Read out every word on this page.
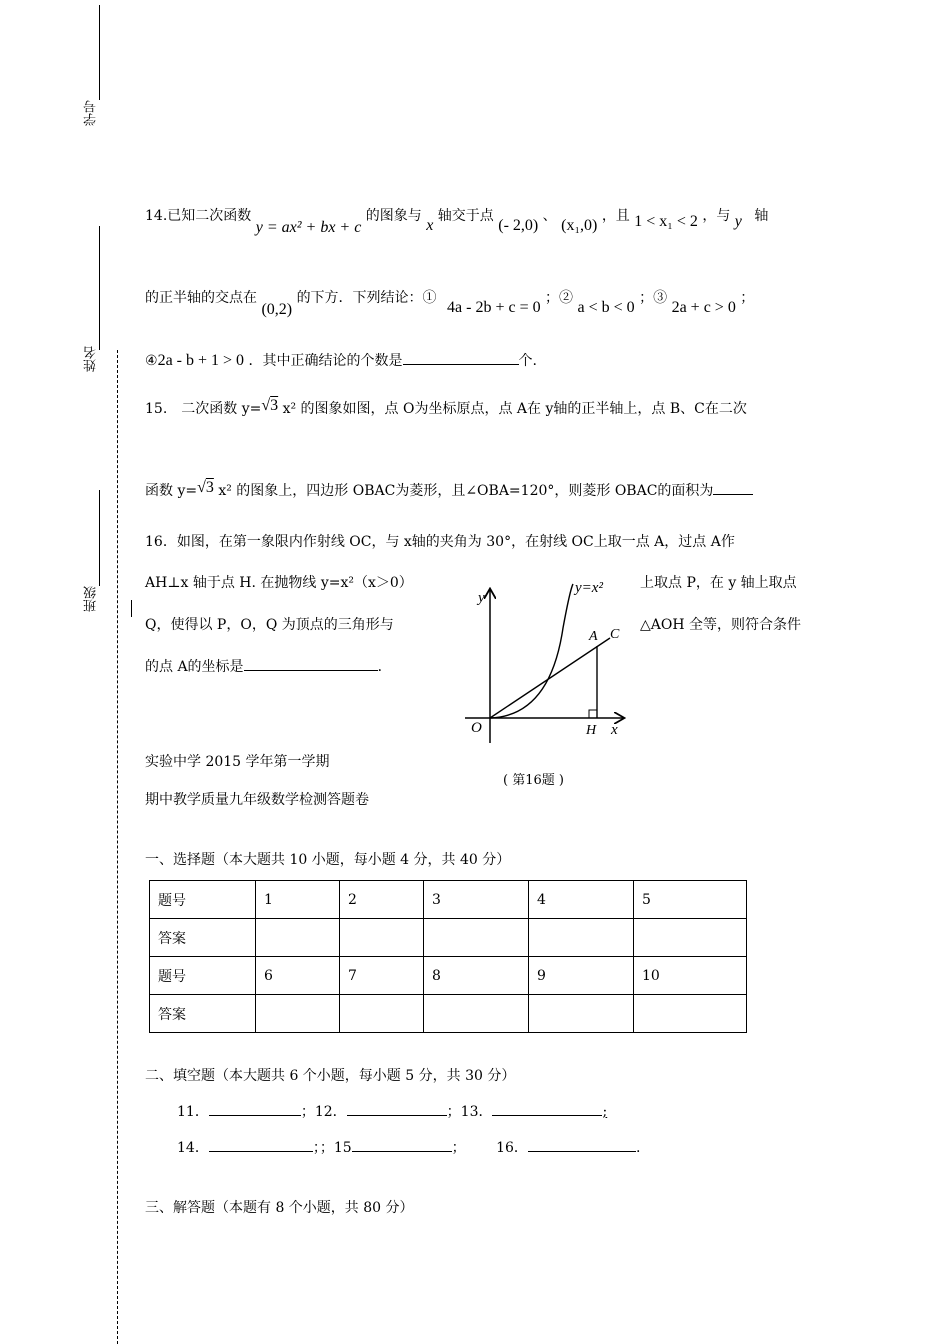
学号
姓名
班级
14.已知二次函数 y = ax² + bx + c 的图象与 x 轴交于点 (- 2,0) 、 (x₁,0) ，且 1 < x₁ < 2 ，与 y 轴
的正半轴的交点在 (0,2) 的下方．下列结论：① 4a - 2b + c = 0 ；② a < b < 0 ；③ 2a + c > 0 ；
④2a - b + 1 > 0 ．其中正确结论的个数是	个.
15.　二次函数 y=√3 x² 的图象如图，点 O为坐标原点，点 A在 y轴的正半轴上，点 B、C在二次
函数 y=√3 x² 的图象上，四边形 OBAC为菱形，且∠OBA=120°，则菱形 OBAC的面积为
16．如图，在第一象限内作射线 OC，与 x轴的夹角为 30°，在射线 OC上取一点 A，过点 A作
AH⊥x 轴于点 H. 在抛物线 y=x²（x＞0）	上取点 P，在 y 轴上取点
Q，使得以 P，O，Q 为顶点的三角形与	△AOH 全等，则符合条件
的点 A的坐标是	．
y=x²
y
x
O
A C
H
( 第16题 )
实验中学 2015 学年第一学期
期中教学质量九年级数学检测答题卷
一、选择题（本大题共 10 小题，每小题 4 分，共 40 分）
题号	1	2	3	4	5
答案					
题号	6	7	8	9	10
答案					
二、填空题（本大题共 6 个小题，每小题 5 分，共 30 分）
11．	；12．	；13．	;
14．	；；15	； 16．	.
三、解答题（本题有 8 个小题，共 80 分）
